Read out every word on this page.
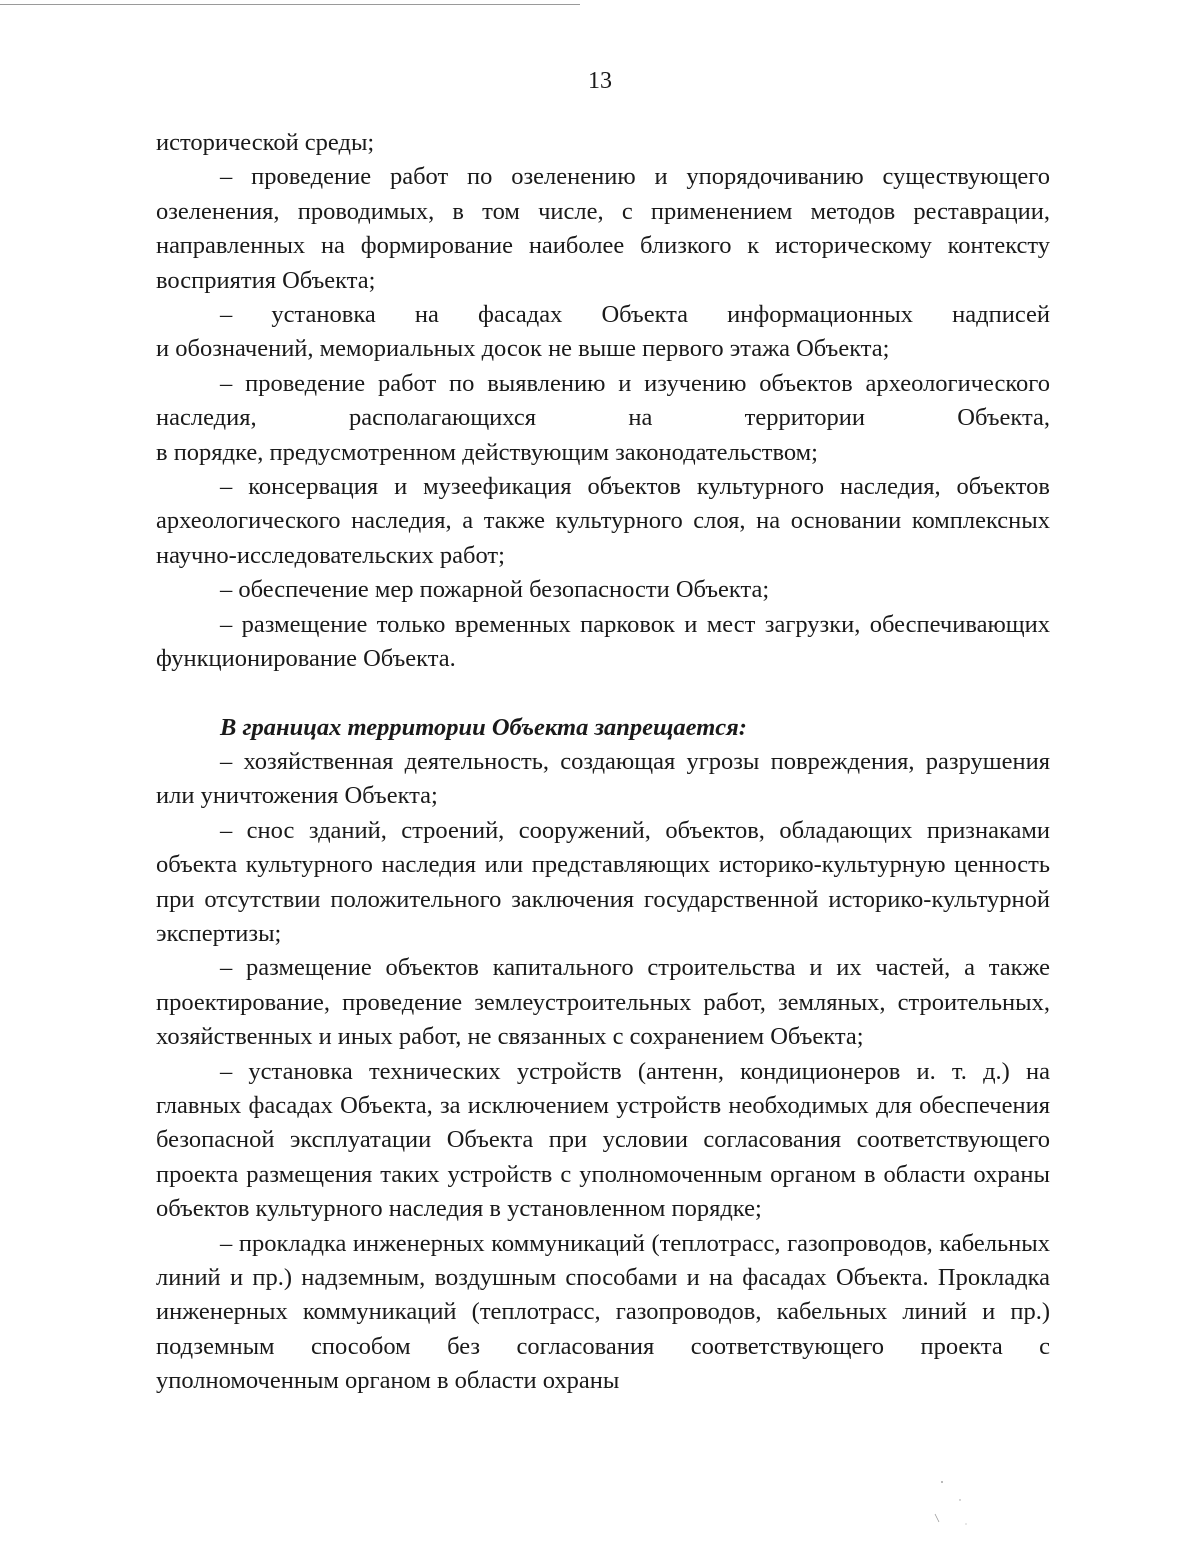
13

исторической среды;

– проведение работ по озеленению и упорядочиванию существующего озеленения, проводимых, в том числе, с применением методов реставрации, направленных на формирование наиболее близкого к историческому контексту восприятия Объекта;

– установка на фасадах Объекта информационных надписей

и обозначений, мемориальных досок не выше первого этажа Объекта;

– проведение работ по выявлению и изучению объектов археологического наследия, располагающихся на территории Объекта,

в порядке, предусмотренном действующим законодательством;

– консервация и музеефикация объектов культурного наследия, объектов археологического наследия, а также культурного слоя, на основании комплексных научно-исследовательских работ;

– обеспечение мер пожарной безопасности Объекта;

– размещение только временных парковок и мест загрузки, обеспечивающих функционирование Объекта.

В границах территории Объекта запрещается:

– хозяйственная деятельность, создающая угрозы повреждения, разрушения или уничтожения Объекта;

– снос зданий, строений, сооружений, объектов, обладающих признаками объекта культурного наследия или представляющих историко-культурную ценность при отсутствии положительного заключения государственной историко-культурной экспертизы;

– размещение объектов капитального строительства и их частей, а также проектирование, проведение землеустроительных работ, земляных, строительных, хозяйственных и иных работ, не связанных с сохранением Объекта;

– установка технических устройств (антенн, кондиционеров и. т. д.) на главных фасадах Объекта, за исключением устройств необходимых для обеспечения безопасной эксплуатации Объекта при условии согласования соответствующего проекта размещения таких устройств с уполномоченным органом в области охраны объектов культурного наследия в установленном порядке;

– прокладка инженерных коммуникаций (теплотрасс, газопроводов, кабельных линий и пр.) надземным, воздушным способами и на фасадах Объекта. Прокладка инженерных коммуникаций (теплотрасс, газопроводов, кабельных линий и пр.) подземным способом без согласования соответствующего проекта с уполномоченным органом в области охраны
